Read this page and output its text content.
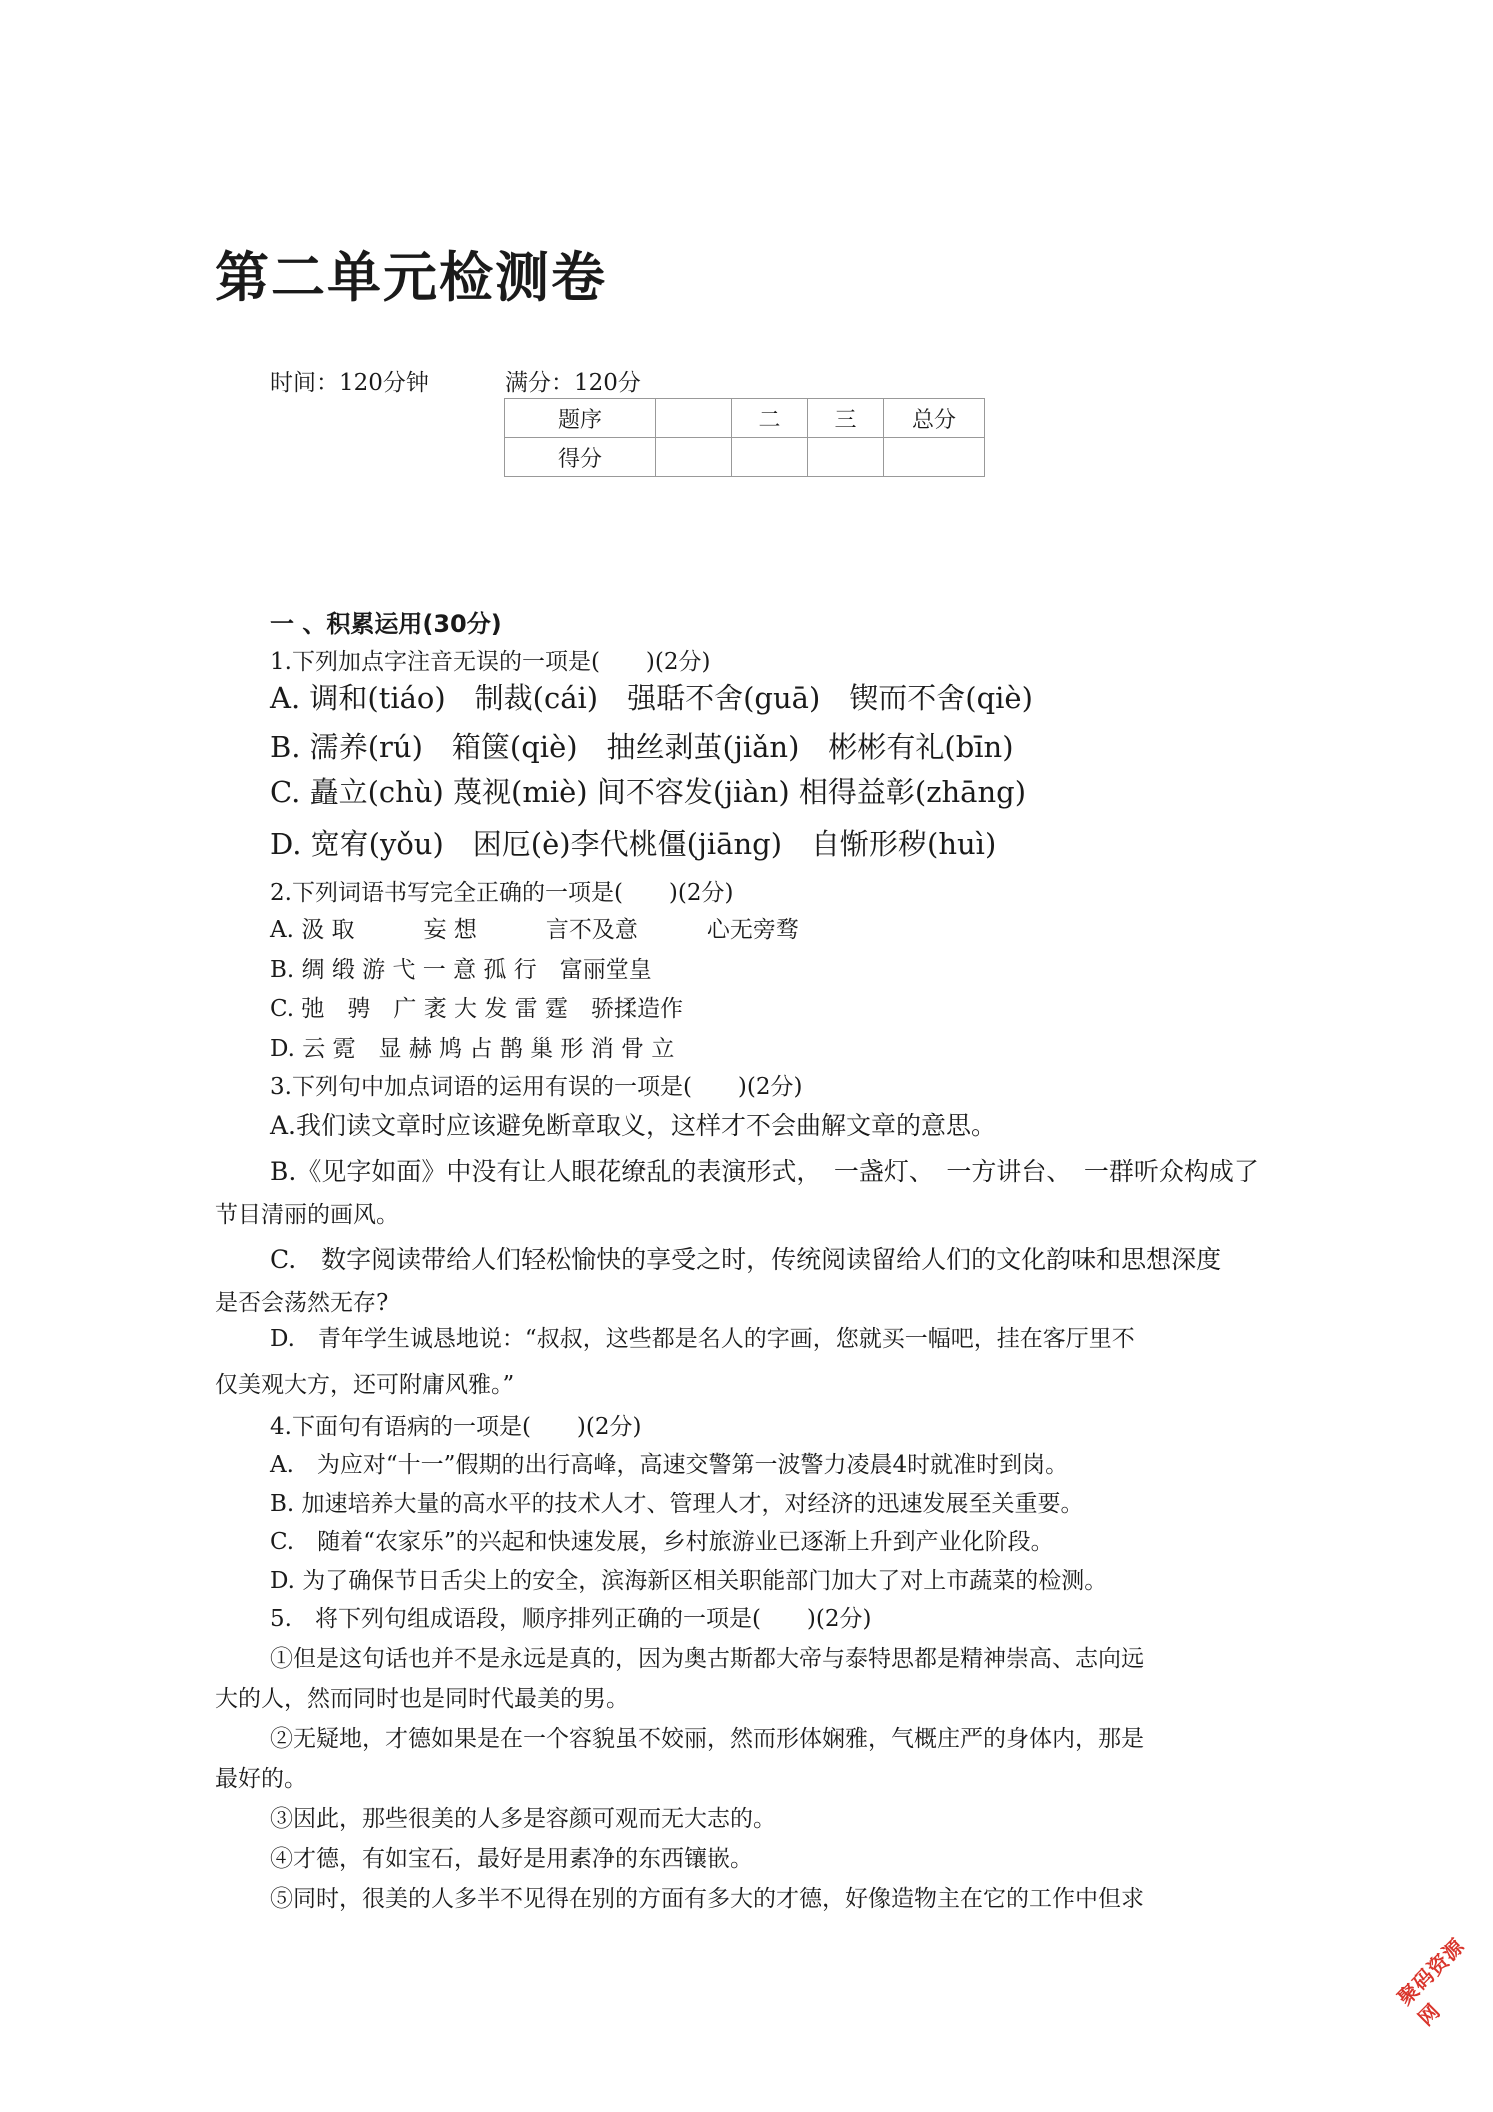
第二单元检测卷
时间：120分钟	满分：120分
题序		二	三	总分
得分				
一 、积累运用(30分)
1.下列加点字注音无误的一项是(　　)(2分)
A. 调和(tiáo)　制裁(cái)　强聒不舍(guā)　锲而不舍(qiè)
B. 濡养(rú)　箱箧(qiè)　抽丝剥茧(jiǎn)　彬彬有礼(bīn)
C. 矗立(chù) 蔑视(miè) 间不容发(jiàn) 相得益彰(zhāng)
D. 宽宥(yǒu)　困厄(è)李代桃僵(jiāng)　自惭形秽(huì)
2.下列词语书写完全正确的一项是(　　)(2分)
A. 汲 取　　　妄 想　　　言不及意　　　心无旁骛
B. 绸 缎 游 弋 一 意 孤 行　富丽堂皇
C. 弛　骋　广 袤 大 发 雷 霆　骄揉造作
D. 云 霓　显 赫 鸠 占 鹊 巢 形 消 骨 立
3.下列句中加点词语的运用有误的一项是(　　)(2分)
A.我们读文章时应该避免断章取义，这样才不会曲解文章的意思。
B.《见字如面》中没有让人眼花缭乱的表演形式，　一盏灯、　一方讲台、　一群听众构成了
节目清丽的画风。
C.　数字阅读带给人们轻松愉快的享受之时，传统阅读留给人们的文化韵味和思想深度
是否会荡然无存?
D.　青年学生诚恳地说：“叔叔，这些都是名人的字画，您就买一幅吧，挂在客厅里不
仅美观大方，还可附庸风雅。”
4.下面句有语病的一项是(　　)(2分)
A.　为应对“十一”假期的出行高峰，高速交警第一波警力凌晨4时就准时到岗。
B. 加速培养大量的高水平的技术人才、管理人才，对经济的迅速发展至关重要。
C.　随着“农家乐”的兴起和快速发展，乡村旅游业已逐渐上升到产业化阶段。
D. 为了确保节日舌尖上的安全，滨海新区相关职能部门加大了对上市蔬菜的检测。
5.　将下列句组成语段，顺序排列正确的一项是(　　)(2分)
①但是这句话也并不是永远是真的，因为奥古斯都大帝与泰特思都是精神崇高、志向远
大的人，然而同时也是同时代最美的男。
②无疑地，才德如果是在一个容貌虽不姣丽，然而形体娴雅，气概庄严的身体内，那是
最好的。
③因此，那些很美的人多是容颜可观而无大志的。
④才德，有如宝石，最好是用素净的东西镶嵌。
⑤同时，很美的人多半不见得在别的方面有多大的才德，好像造物主在它的工作中但求
聚码资源网
